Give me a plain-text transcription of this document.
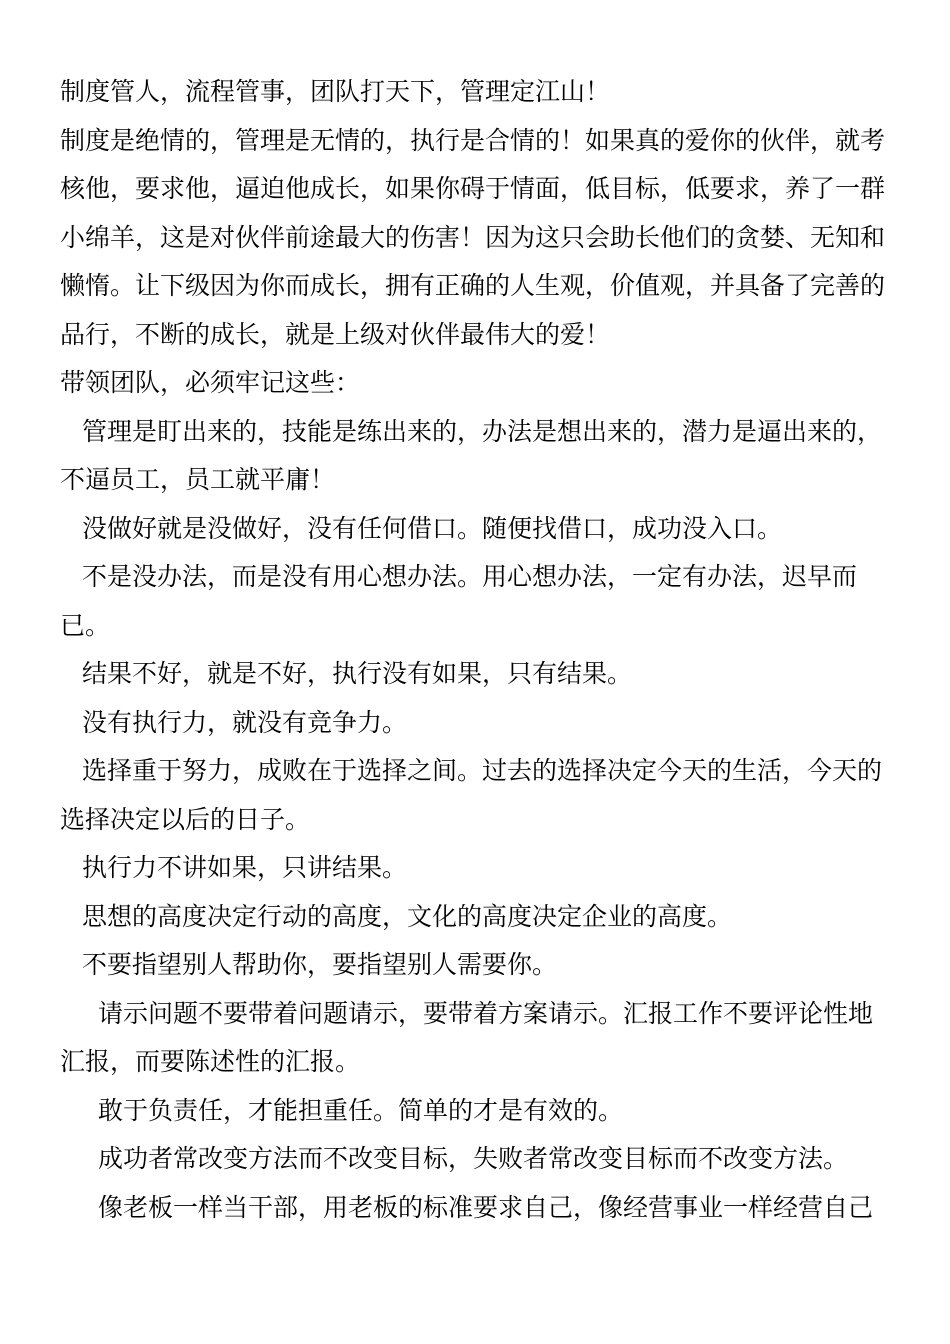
制度管人，流程管事，团队打天下，管理定江山！

制度是绝情的，管理是无情的，执行是合情的！如果真的爱你的伙伴，就考核他，要求他，逼迫他成长，如果你碍于情面，低目标，低要求，养了一群小绵羊，这是对伙伴前途最大的伤害！因为这只会助长他们的贪婪、无知和懒惰。让下级因为你而成长，拥有正确的人生观，价值观，并具备了完善的品行，不断的成长，就是上级对伙伴最伟大的爱！

带领团队，必须牢记这些：

管理是盯出来的，技能是练出来的，办法是想出来的，潜力是逼出来的，不逼员工，员工就平庸！

没做好就是没做好，没有任何借口。随便找借口，成功没入口。

不是没办法，而是没有用心想办法。用心想办法，一定有办法，迟早而已。

结果不好，就是不好，执行没有如果，只有结果。

没有执行力，就没有竞争力。

选择重于努力，成败在于选择之间。过去的选择决定今天的生活，今天的选择决定以后的日子。

执行力不讲如果，只讲结果。

思想的高度决定行动的高度，文化的高度决定企业的高度。

不要指望别人帮助你，要指望别人需要你。

请示问题不要带着问题请示，要带着方案请示。汇报工作不要评论性地汇报，而要陈述性的汇报。

敢于负责任，才能担重任。简单的才是有效的。

成功者常改变方法而不改变目标，失败者常改变目标而不改变方法。

像老板一样当干部，用老板的标准要求自己，像经营事业一样经营自己
